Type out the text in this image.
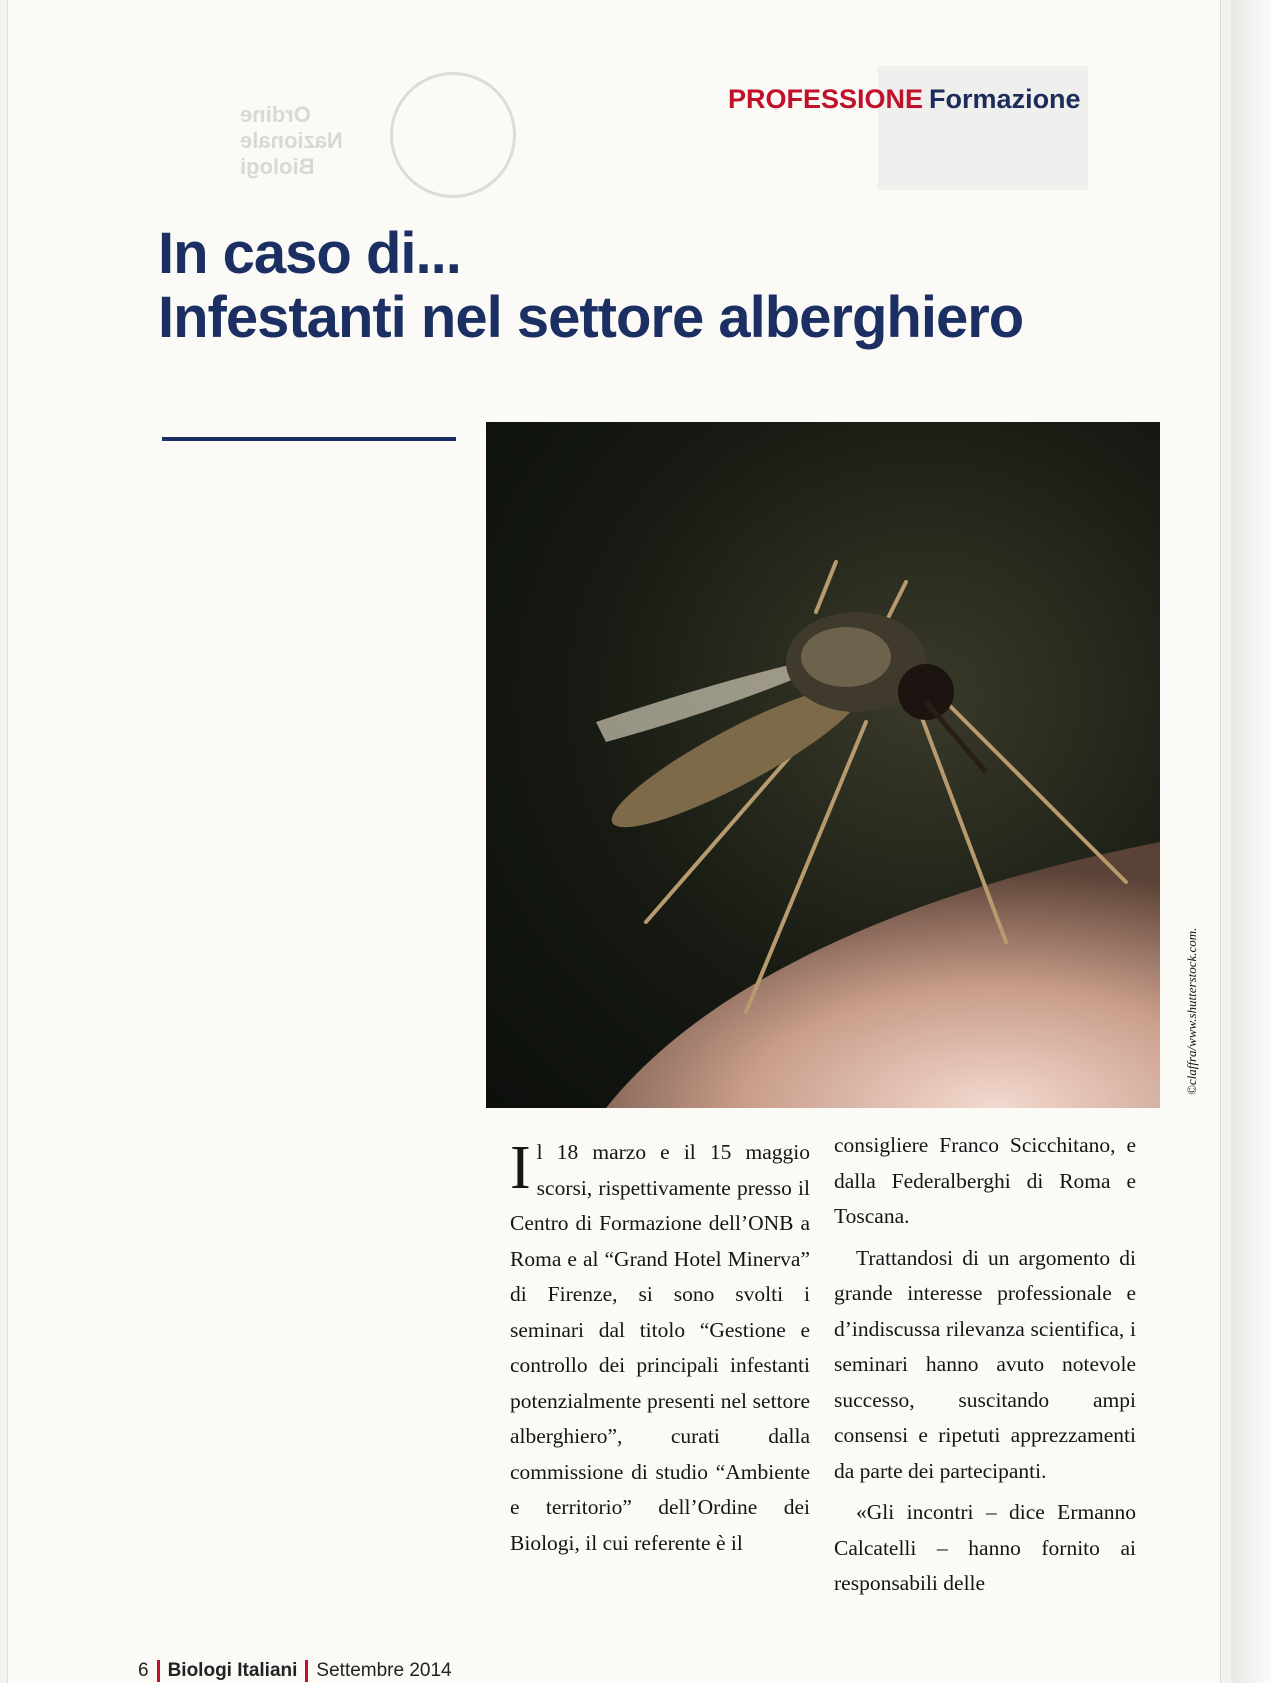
Ordine
Nazionale
Biologi
PROFESSIONE Formazione
In caso di...
Infestanti nel settore alberghiero
©claffra/www.shutterstock.com.
Il 18 marzo e il 15 maggio scorsi, rispettivamente presso il Centro di Formazione dell’ONB a Roma e al “Grand Hotel Minerva” di Firenze, si sono svolti i seminari dal titolo “Gestione e controllo dei principali infestanti potenzialmente presenti nel settore alberghiero”, curati dalla commissione di studio “Ambiente e territorio” dell’Ordine dei Biologi, il cui referente è il

consigliere Franco Scicchitano, e dalla Federalberghi di Roma e Toscana.

Trattandosi di un argomento di grande interesse professionale e d’indiscussa rilevanza scientifica, i seminari hanno avuto notevole successo, suscitando ampi consensi e ripetuti apprezzamenti da parte dei partecipanti.

«Gli incontri – dice Ermanno Calcatelli – hanno fornito ai responsabili delle

6 Biologi Italiani Settembre 2014
